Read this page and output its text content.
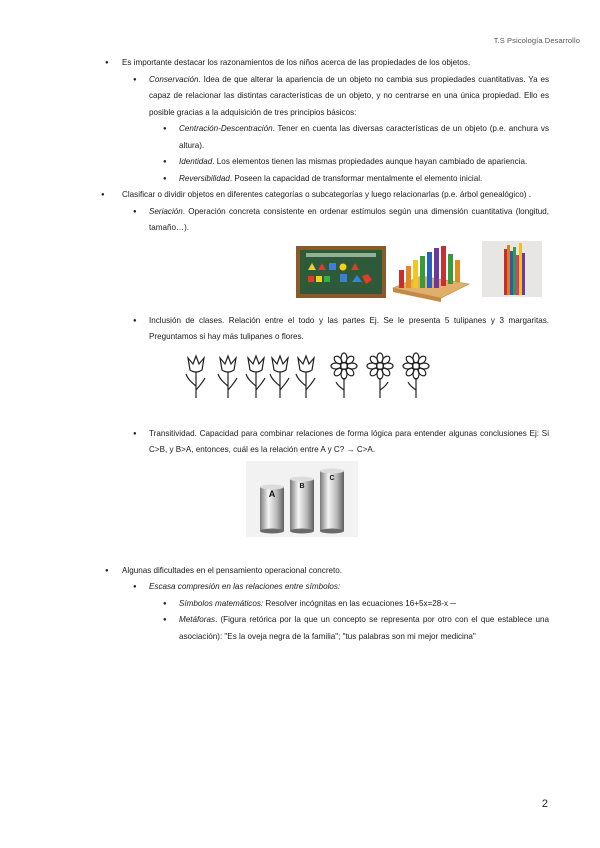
T.S Psicología Desarrollo
● Es importante destacar los razonamientos de los niños acerca de las propiedades de los objetos.
● Conservación. Idea de que alterar la apariencia de un objeto no cambia sus propiedades cuantitativas. Ya es capaz de relacionar las distintas características de un objeto, y no centrarse en una única propiedad. Ello es posible gracias a la adquisición de tres principios básicos:
● Centración-Descentración. Tener en cuenta las diversas características de un objeto (p.e. anchura vs altura).
● Identidad. Los elementos tienen las mismas propiedades aunque hayan cambiado de apariencia.
● Reversibilidad. Poseen la capacidad de transformar mentalmente el elemento inicial.
● Clasificar o dividir objetos en diferentes categorías o subcategorías y luego relacionarlas (p.e. árbol genealógico) .
● Seriación. Operación concreta consistente en ordenar estímulos según una dimensión cuantitativa (longitud, tamaño…).
● Inclusión de clases. Relación entre el todo y las partes Ej. Se le presenta 5 tulipanes y 3 margaritas. Preguntamos si hay más tulipanes o flores.
● Transitividad. Capacidad para combinar relaciones de forma lógica para entender algunas conclusiones Ej: Si C>B, y B>A, entonces, cuál es la relación entre A y C? → C>A.
A
B
C
● Algunas dificultades en el pensamiento operacional concreto.
● Escasa compresión en las relaciones entre símbolos:
● Símbolos matemáticos: Resolver incógnitas en las ecuaciones 16+5x=28-x ─
● Metáforas. (Figura retórica por la que un concepto se representa por otro con el que establece una asociación): "Es la oveja negra de la familia"; "tus palabras son mi mejor medicina"
2
